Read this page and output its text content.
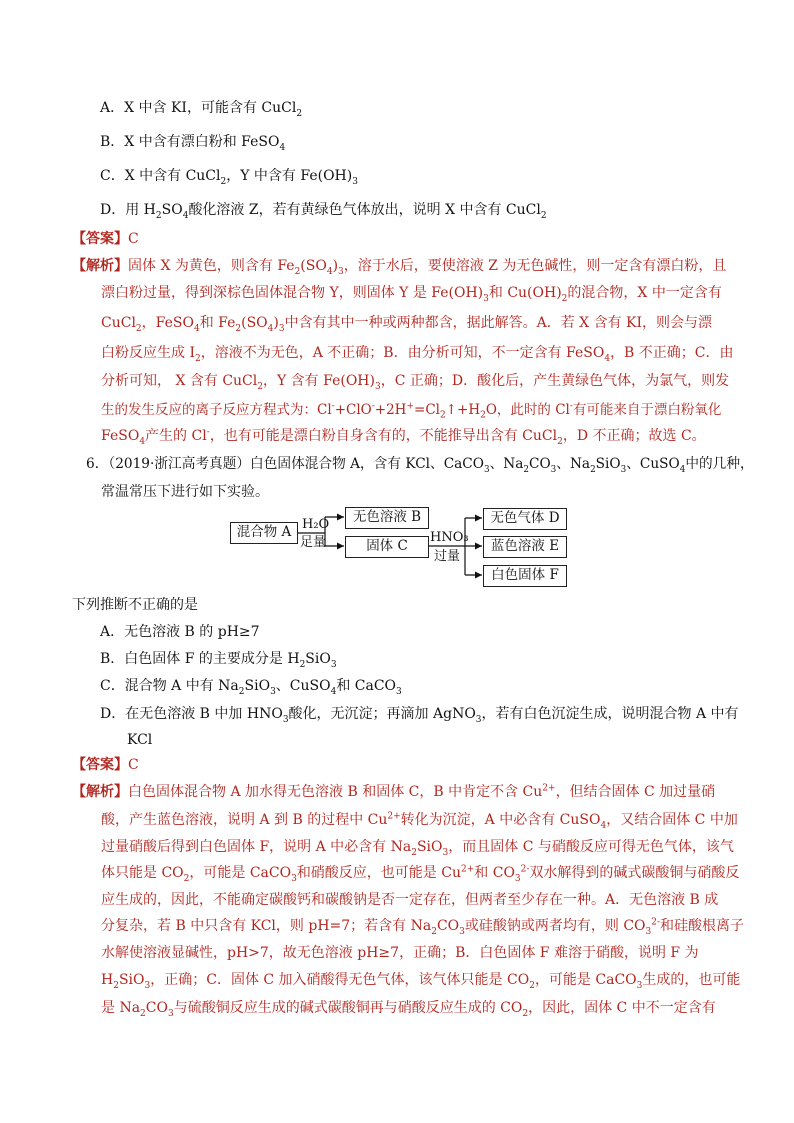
A．X 中含 KI，可能含有 CuCl$_2$
B．X 中含有漂白粉和 FeSO$_4$
C．X 中含有 CuCl$_2$，Y 中含有 $Fe(OH)_3$
D．用 $H_2SO_4$酸化溶液 Z，若有黄绿色气体放出，说明 X 中含有 CuCl$_2$
【答案】C
【解析】固体 X 为黄色，则含有 $Fe_2(SO_4)_3$，溶于水后，要使溶液 Z 为无色碱性，则一定含有漂白粉，且
漂白粉过量，得到深棕色固体混合物 Y，则固体 Y 是 $Fe(OH)_3$和 $Cu(OH)_2$的混合物，X 中一定含有
CuCl$_2$，FeSO$_4$和 $Fe_2(SO_4)_3$中含有其中一种或两种都含，据此解答。A．若 X 含有 KI，则会与漂
白粉反应生成 $I_2$，溶液不为无色，A 不正确；B．由分析可知，不一定含有 FeSO$_4$，B 不正确；C．由
分析可知， X 含有 CuCl$_2$，Y 含有 $Fe(OH)_3$，C 正确；D．酸化后，产生黄绿色气体，为氯气，则发
生的发生反应的离子反应方程式为：$Cl^-+ClO^-+2H^+=Cl_2↑+H_2O$，此时的 Cl-有可能来自于漂白粉氧化
FeSO$_4$产生的 Cl-，也有可能是漂白粉自身含有的，不能推导出含有 CuCl$_2$，D 不正确；故选 C。
6．（2019·浙江高考真题）白色固体混合物 A，含有 KCl、CaCO$_3$、$Na_2CO_3$、$Na_2SiO_3$、CuSO$_4$中的几种，
常温常压下进行如下实验。
混合物 A H₂O
足量
无色溶液 B
固体 C
HNO₃
过量
无色气体 D
蓝色溶液 E
白色固体 F
下列推断不正确的是
A．无色溶液 B 的 pH≥7
B．白色固体 F 的主要成分是 $H_2SiO_3$
C．混合物 A 中有 $Na_2SiO_3$、CuSO$_4$和 CaCO$_3$
D．在无色溶液 B 中加 $HNO_3$酸化，无沉淀；再滴加 AgNO$_3$，若有白色沉淀生成，说明混合物 A 中有
KCl
【答案】C
【解析】白色固体混合物 A 加水得无色溶液 B 和固体 C，B 中肯定不含 $Cu^{2+}$，但结合固体 C 加过量硝
酸，产生蓝色溶液，说明 A 到 B 的过程中 $Cu^{2+}$转化为沉淀，A 中必含有 CuSO$_4$，又结合固体 C 中加
过量硝酸后得到白色固体 F，说明 A 中必含有 $Na_2SiO_3$，而且固体 C 与硝酸反应可得无色气体，该气
体只能是 $CO_2$，可能是 CaCO$_3$和硝酸反应，也可能是 $Cu^{2+}$和 $CO_3^{2-}$双水解得到的碱式碳酸铜与硝酸反
应生成的，因此，不能确定碳酸钙和碳酸钠是否一定存在，但两者至少存在一种。A．无色溶液 B 成
分复杂，若 B 中只含有 KCl，则 pH=7；若含有 $Na_2CO_3$或硅酸钠或两者均有，则 $CO_3^{2-}$和硅酸根离子
水解使溶液显碱性，pH>7，故无色溶液 pH≥7，正确；B．白色固体 F 难溶于硝酸，说明 F 为
$H_2SiO_3$，正确；C．固体 C 加入硝酸得无色气体，该气体只能是 $CO_2$，可能是 CaCO$_3$生成的，也可能
是 $Na_2CO_3$与硫酸铜反应生成的碱式碳酸铜再与硝酸反应生成的 $CO_2$，因此，固体 C 中不一定含有
